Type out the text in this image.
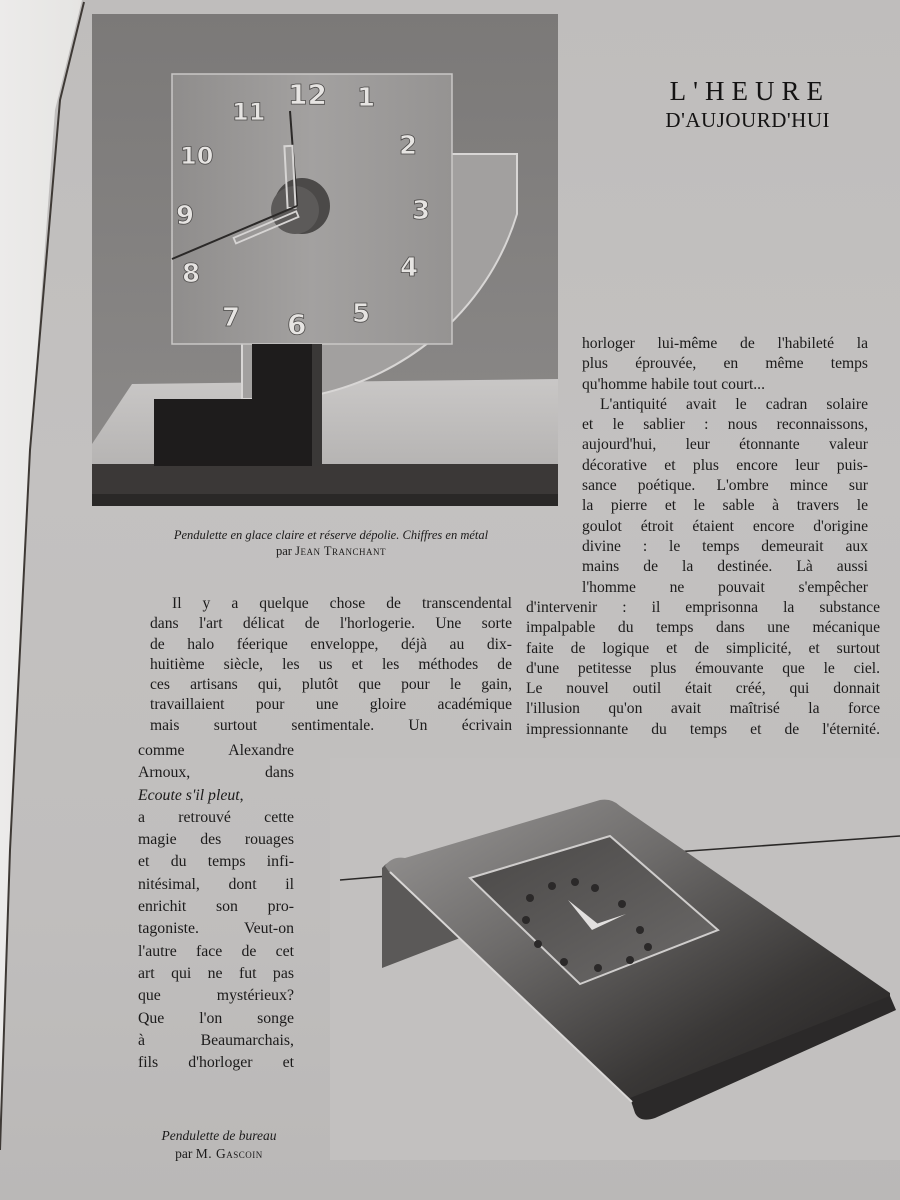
12 1
2
3
4
5
6
7
8
9
10
11
L'HEURE
D'AUJOURD'HUI
Pendulette en glace claire et réserve dépolie. Chiffres en métal
par Jean Tranchant
horloger lui-même de l'habileté la
plus éprouvée, en même temps
qu'homme habile tout court...
L'antiquité avait le cadran solaire
et le sablier : nous reconnaissons,
aujourd'hui, leur étonnante valeur
décorative et plus encore leur puis-
sance poétique. L'ombre mince sur
la pierre et le sable à travers le
goulot étroit étaient encore d'origine
divine : le temps demeurait aux
mains de la destinée. Là aussi
l'homme ne pouvait s'empêcher
d'intervenir : il emprisonna la substance
impalpable du temps dans une mécanique
faite de logique et de simplicité, et surtout
d'une petitesse plus émouvante que le ciel.
Le nouvel outil était créé, qui donnait
l'illusion qu'on avait maîtrisé la force
impressionnante du temps et de l'éternité.
Il y a quelque chose de transcendental
dans l'art délicat de l'horlogerie. Une sorte
de halo féerique enveloppe, déjà au dix-
huitième siècle, les us et les méthodes de
ces artisans qui, plutôt que pour le gain,
travaillaient pour une gloire académique
mais surtout sentimentale. Un écrivain
comme Alexandre
Arnoux, dans
Ecoute s'il pleut,
a retrouvé cette
magie des rouages
et du temps infi-
nitésimal, dont il
enrichit son pro-
tagoniste. Veut-on
l'autre face de cet
art qui ne fut pas
que mystérieux?
Que l'on songe
à Beaumarchais,
fils d'horloger et
Pendulette de bureau
par M. Gascoin
